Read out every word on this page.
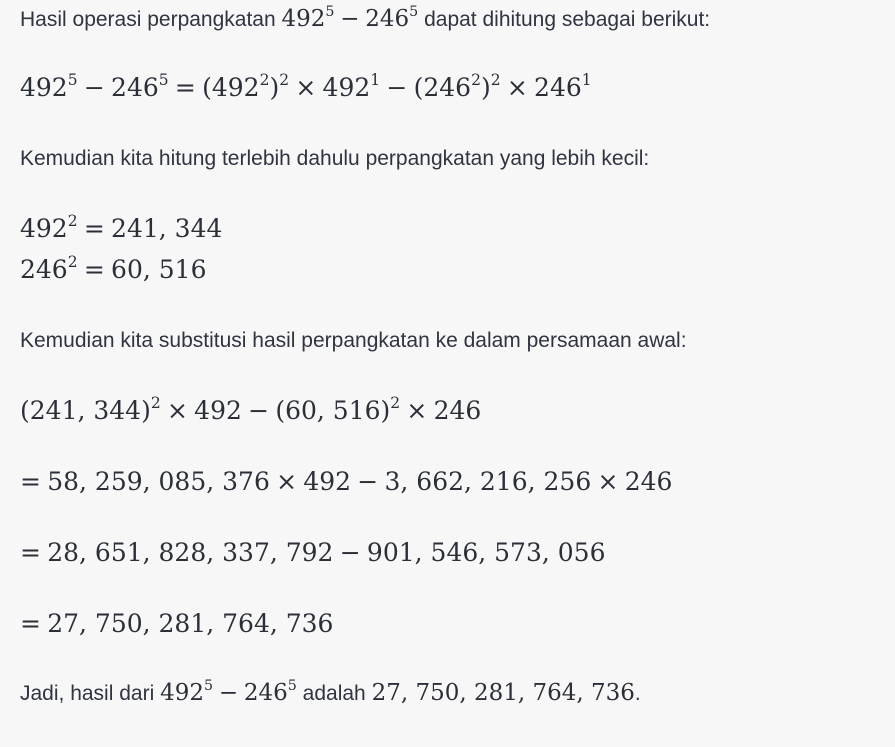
Hasil operasi perpangkatan $492^5 - 246^5$ dapat dihitung sebagai berikut:
$492^5 - 246^5 = (492^2)^2 \times 492^1 - (246^2)^2 \times 246^1$
Kemudian kita hitung terlebih dahulu perpangkatan yang lebih kecil:
$492^2 = 241$, 344
$246^2 = 60$, 516
Kemudian kita substitusi hasil perpangkatan ke dalam persamaan awal:
(241, 344)$^2$ × 492 − (60, 516)$^2$ × 246
= 58, 259, 085, 376 × 492 − 3, 662, 216, 256 × 246
= 28, 651, 828, 337, 792 − 901, 546, 573, 056
= 27, 750, 281, 764, 736
Jadi, hasil dari $492^5 - 246^5$ adalah 27, 750, 281, 764, 736.
